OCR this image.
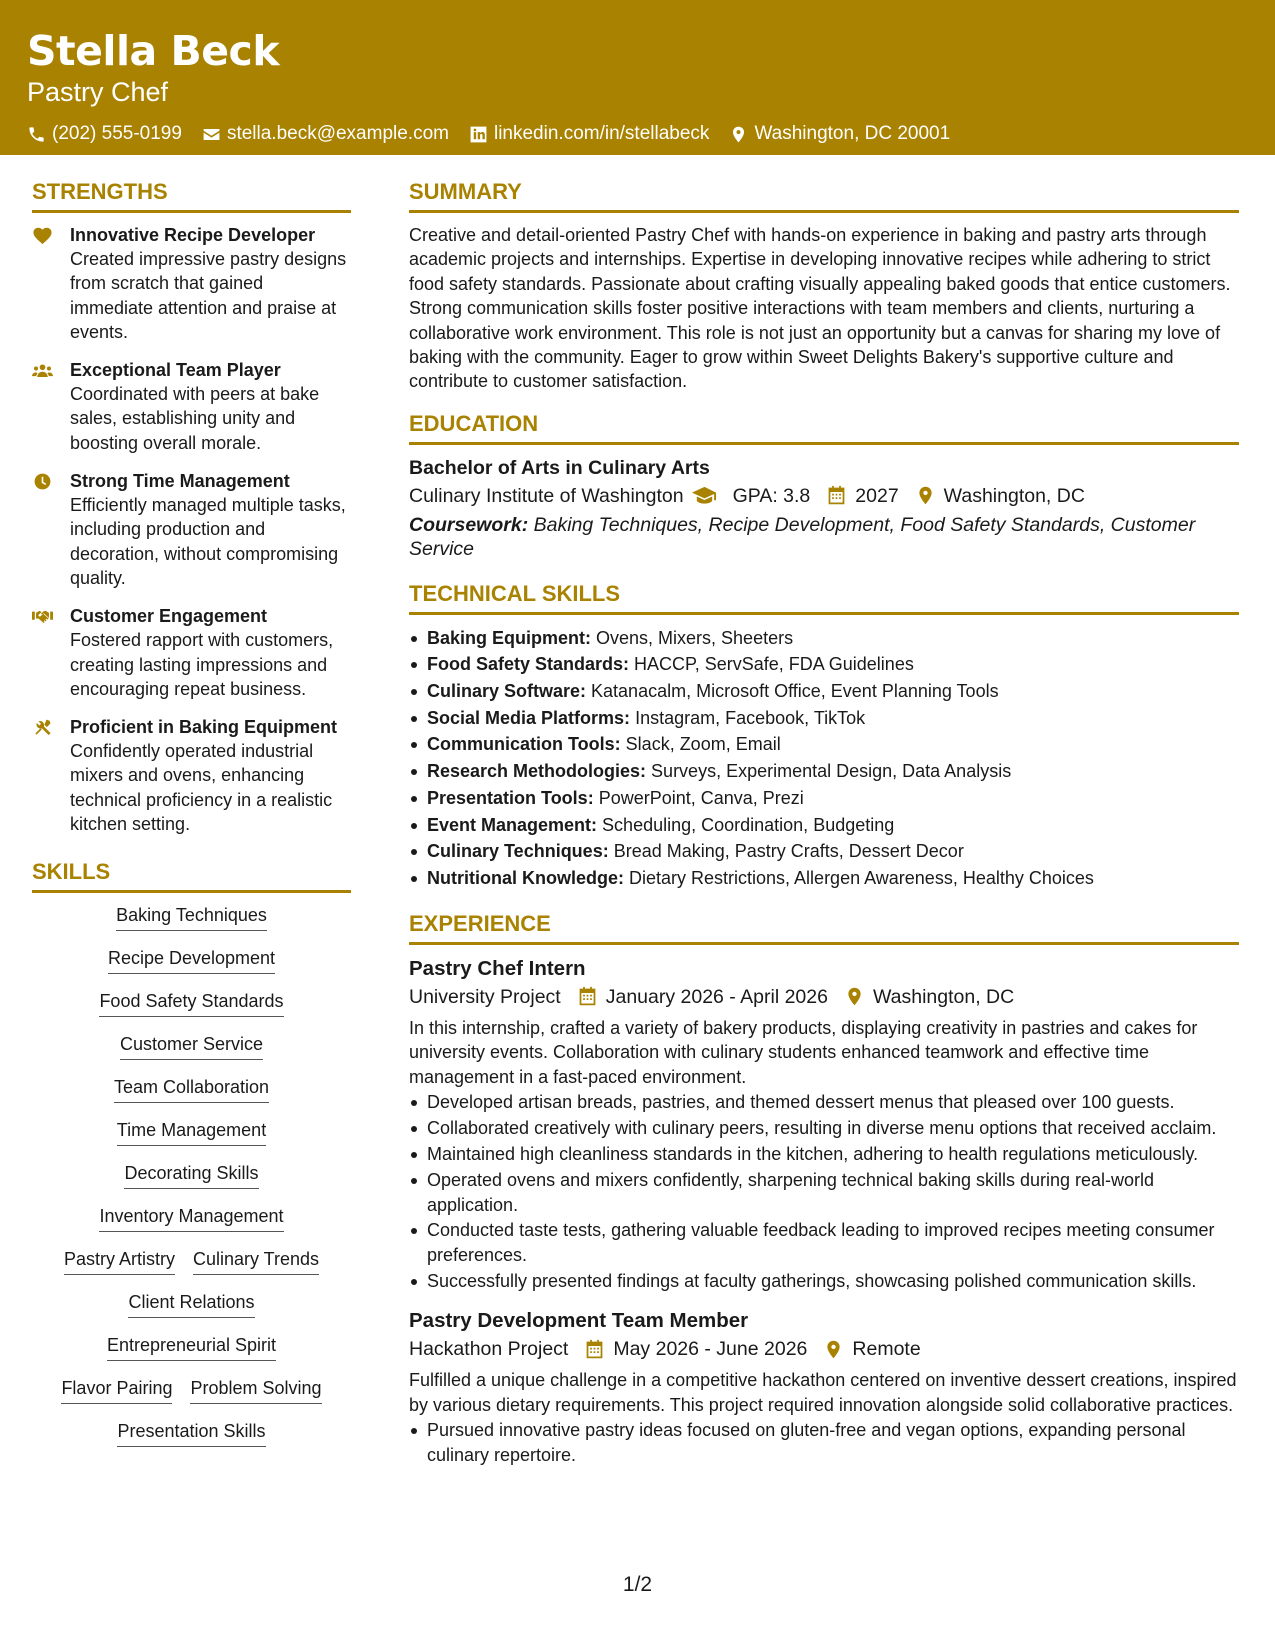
Stella Beck
Pastry Chef
(202) 555-0199 stella.beck@example.com linkedin.com/in/stellabeck Washington, DC 20001
STRENGTHS
Innovative Recipe Developer
Created impressive pastry designs from scratch that gained immediate attention and praise at events.
Exceptional Team Player
Coordinated with peers at bake sales, establishing unity and boosting overall morale.
Strong Time Management
Efficiently managed multiple tasks, including production and decoration, without compromising quality.
Customer Engagement
Fostered rapport with customers, creating lasting impressions and encouraging repeat business.
Proficient in Baking Equipment
Confidently operated industrial mixers and ovens, enhancing technical proficiency in a realistic kitchen setting.
SKILLS
Baking Techniques
Recipe Development
Food Safety Standards
Customer Service
Team Collaboration
Time Management
Decorating Skills
Inventory Management
Pastry Artistry Culinary Trends
Client Relations
Entrepreneurial Spirit
Flavor Pairing Problem Solving
Presentation Skills
SUMMARY
Creative and detail-oriented Pastry Chef with hands-on experience in baking and pastry arts through academic projects and internships. Expertise in developing innovative recipes while adhering to strict food safety standards. Passionate about crafting visually appealing baked goods that entice customers. Strong communication skills foster positive interactions with team members and clients, nurturing a collaborative work environment. This role is not just an opportunity but a canvas for sharing my love of baking with the community. Eager to grow within Sweet Delights Bakery's supportive culture and contribute to customer satisfaction.
EDUCATION
Bachelor of Arts in Culinary Arts
Culinary Institute of Washington	GPA: 3.8 2027 Washington, DC
Coursework: Baking Techniques, Recipe Development, Food Safety Standards, Customer Service
TECHNICAL SKILLS
Baking Equipment: Ovens, Mixers, Sheeters
Food Safety Standards: HACCP, ServSafe, FDA Guidelines
Culinary Software: Katanacalm, Microsoft Office, Event Planning Tools
Social Media Platforms: Instagram, Facebook, TikTok
Communication Tools: Slack, Zoom, Email
Research Methodologies: Surveys, Experimental Design, Data Analysis
Presentation Tools: PowerPoint, Canva, Prezi
Event Management: Scheduling, Coordination, Budgeting
Culinary Techniques: Bread Making, Pastry Crafts, Dessert Decor
Nutritional Knowledge: Dietary Restrictions, Allergen Awareness, Healthy Choices
EXPERIENCE
Pastry Chef Intern
University Project January 2026 - April 2026 Washington, DC
In this internship, crafted a variety of bakery products, displaying creativity in pastries and cakes for university events. Collaboration with culinary students enhanced teamwork and effective time management in a fast-paced environment.
Developed artisan breads, pastries, and themed dessert menus that pleased over 100 guests.
Collaborated creatively with culinary peers, resulting in diverse menu options that received acclaim.
Maintained high cleanliness standards in the kitchen, adhering to health regulations meticulously.
Operated ovens and mixers confidently, sharpening technical baking skills during real-world application.
Conducted taste tests, gathering valuable feedback leading to improved recipes meeting consumer preferences.
Successfully presented findings at faculty gatherings, showcasing polished communication skills.
Pastry Development Team Member
Hackathon Project May 2026 - June 2026 Remote
Fulfilled a unique challenge in a competitive hackathon centered on inventive dessert creations, inspired by various dietary requirements. This project required innovation alongside solid collaborative practices.
Pursued innovative pastry ideas focused on gluten-free and vegan options, expanding personal culinary repertoire.
1/2
